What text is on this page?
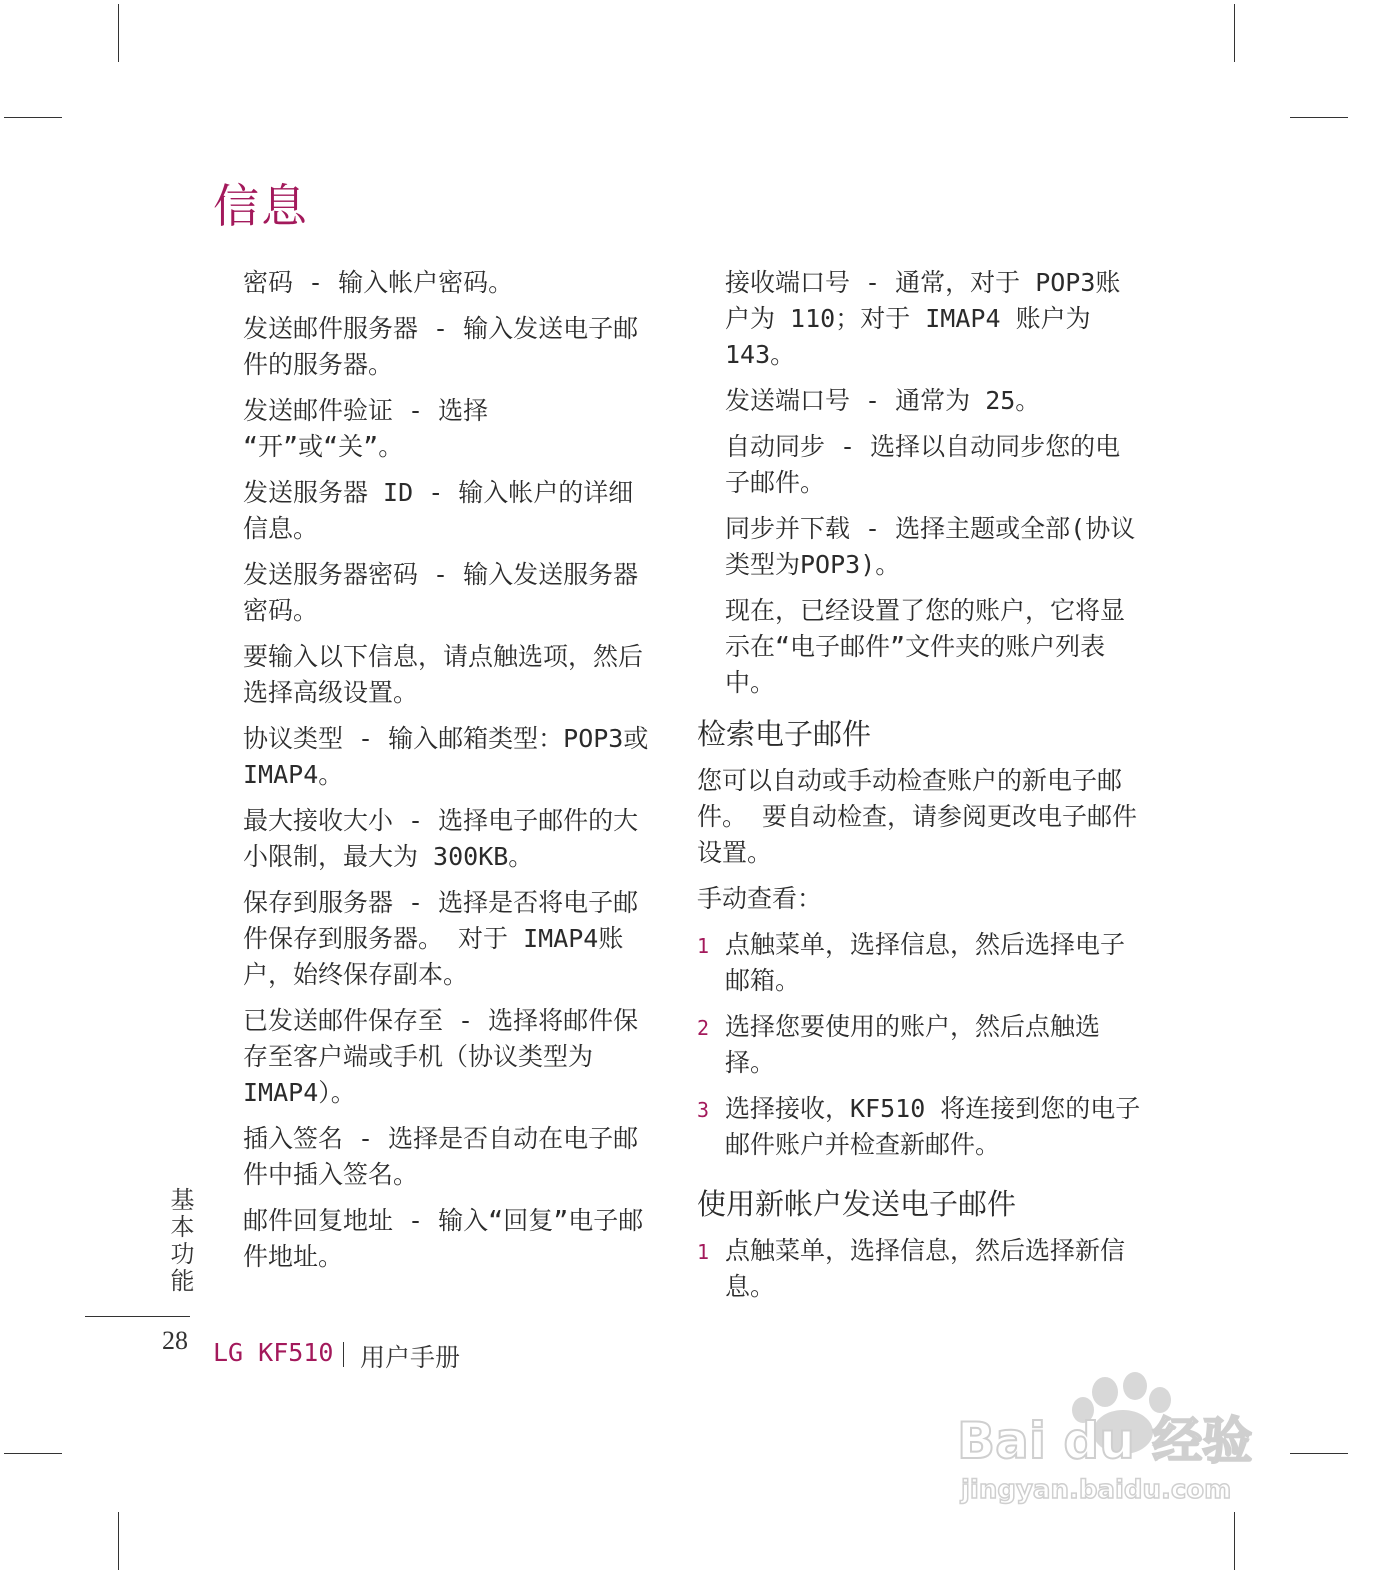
信息

密码 - 输入帐户密码。

发送邮件服务器 - 输入发送电子邮件的服务器。

发送邮件验证 - 选择 “开”或“关”。

发送服务器 ID - 输入帐户的详细信息。

发送服务器密码 - 输入发送服务器密码。

要输入以下信息，请点触选项，然后选择高级设置。

协议类型 - 输入邮箱类型：POP3或 IMAP4。

最大接收大小 - 选择电子邮件的大小限制，最大为 300KB。

保存到服务器 - 选择是否将电子邮件保存到服务器。 对于 IMAP4账户，始终保存副本。

已发送邮件保存至 - 选择将邮件保存至客户端或手机（协议类型为IMAP4）。

插入签名 - 选择是否自动在电子邮件中插入签名。

邮件回复地址 - 输入“回复”电子邮件地址。

接收端口号 - 通常，对于 POP3账户为 110；对于 IMAP4 账户为143。

发送端口号 - 通常为 25。

自动同步 - 选择以自动同步您的电子邮件。

同步并下载 - 选择主题或全部(协议类型为POP3)。

现在，已经设置了您的账户，它将显示在“电子邮件”文件夹的账户列表中。

检索电子邮件

您可以自动或手动检查账户的新电子邮件。 要自动检查，请参阅更改电子邮件设置。

手动查看：

1 点触菜单，选择信息，然后选择电子邮箱。
2 选择您要使用的账户，然后点触选择。
3 选择接收，KF510 将连接到您的电子邮件账户并检查新邮件。
使用新帐户发送电子邮件
1 点触菜单，选择信息，然后选择新信息。
基本功能
28 LG KF510 用户手册
Bai du 经验
jingyan.baidu.com
